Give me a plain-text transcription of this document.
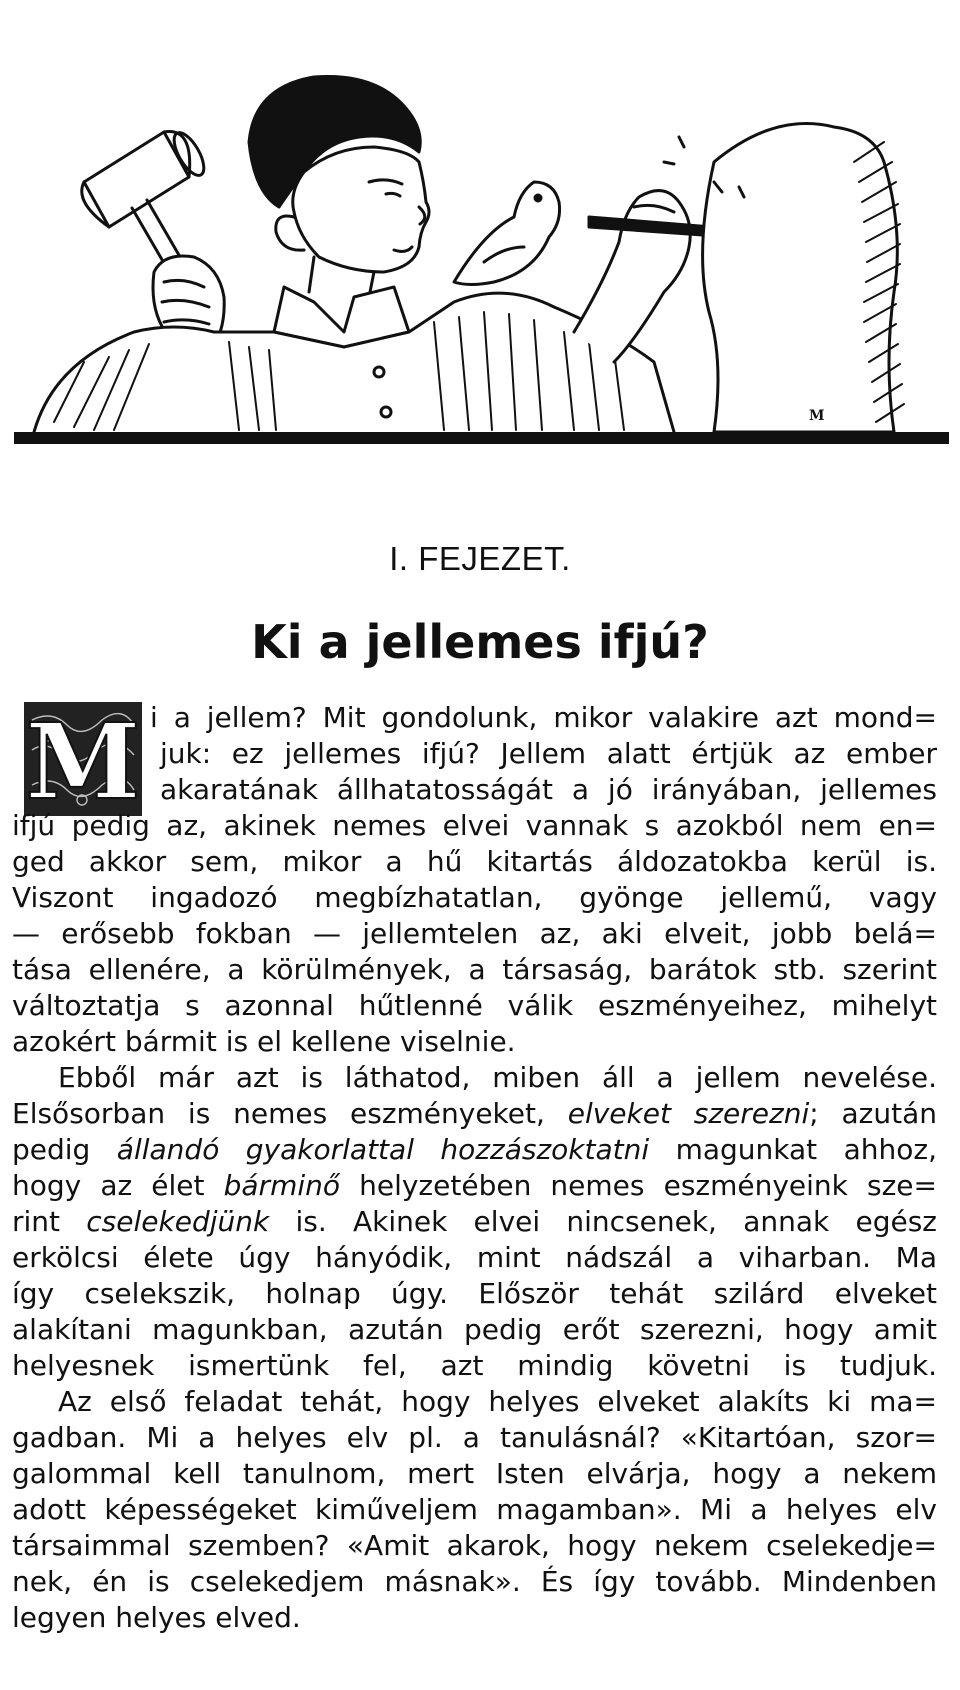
M
I. FEJEZET.
Ki a jellemes ifjú?
M i a jellem? Mit gondolunk, mikor valakire azt mond=
juk: ez jellemes ifjú? Jellem alatt értjük az ember
akaratának állhatatosságát a jó irányában, jellemes
ifjú pedig az, akinek nemes elvei vannak s azokból nem en=
ged akkor sem, mikor a hű kitartás áldozatokba kerül is.
Viszont ingadozó megbízhatatlan, gyönge jellemű, vagy
— erősebb fokban — jellemtelen az, aki elveit, jobb belá=
tása ellenére, a körülmények, a társaság, barátok stb. szerint
változtatja s azonnal hűtlenné válik eszményeihez, mihelyt
azokért bármit is el kellene viselnie.
Ebből már azt is láthatod, miben áll a jellem nevelése.
Elsősorban is nemes eszményeket, elveket szerezni; azután
pedig állandó gyakorlattal hozzászoktatni magunkat ahhoz,
hogy az élet bárminő helyzetében nemes eszményeink sze=
rint cselekedjünk is. Akinek elvei nincsenek, annak egész
erkölcsi élete úgy hányódik, mint nádszál a viharban. Ma
így cselekszik, holnap úgy. Először tehát szilárd elveket
alakítani magunkban, azután pedig erőt szerezni, hogy amit
helyesnek ismertünk fel, azt mindig követni is tudjuk.
Az első feladat tehát, hogy helyes elveket alakíts ki ma=
gadban. Mi a helyes elv pl. a tanulásnál? «Kitartóan, szor=
galommal kell tanulnom, mert Isten elvárja, hogy a nekem
adott képességeket kiműveljem magamban». Mi a helyes elv
társaimmal szemben? «Amit akarok, hogy nekem cselekedje=
nek, én is cselekedjem másnak». És így tovább. Mindenben
legyen helyes elved.
